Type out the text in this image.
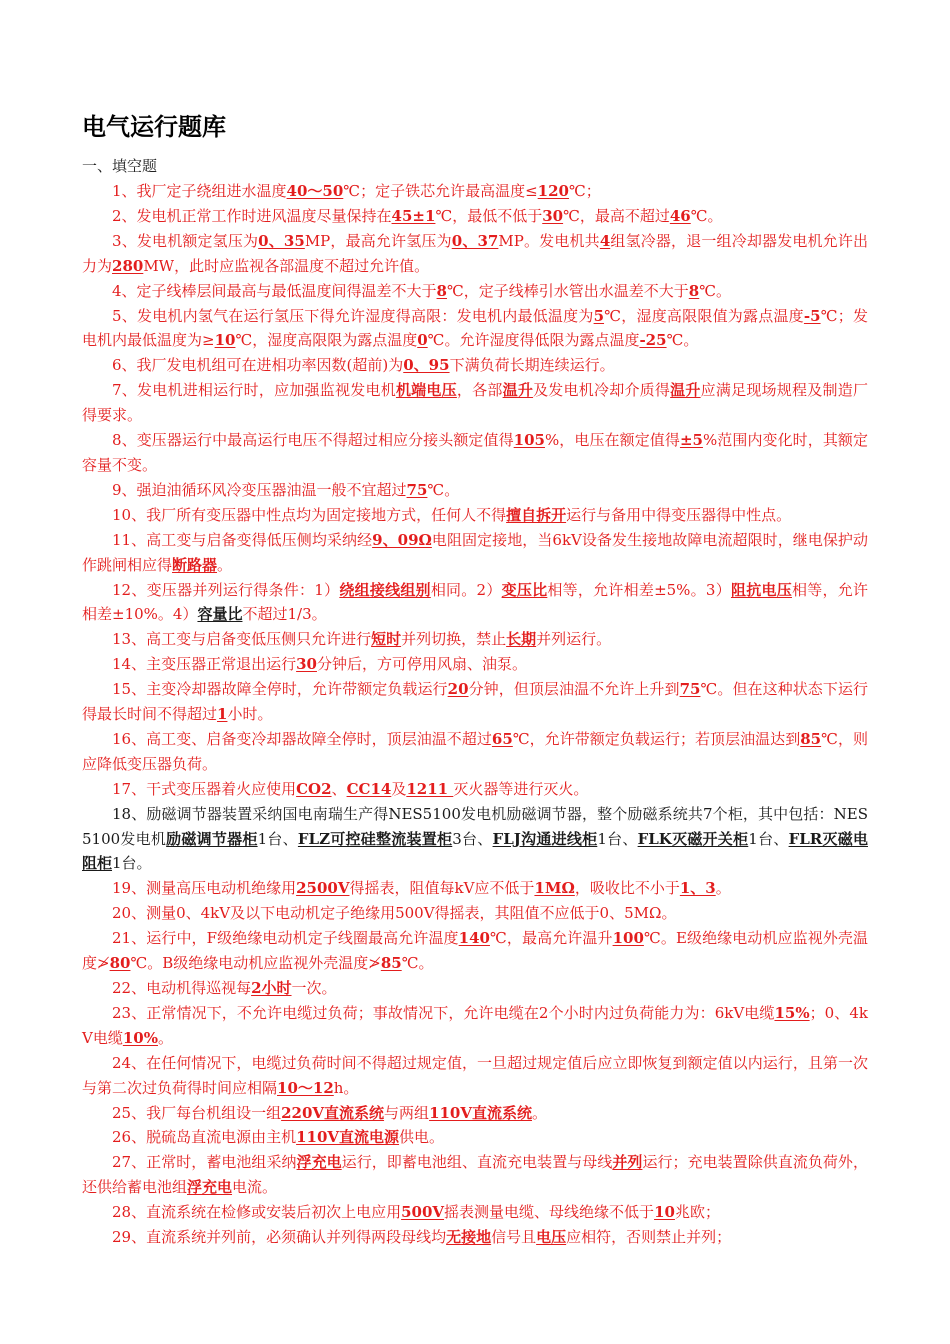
电气运行题库

一、填空题

1、我厂定子绕组进水温度40～50℃；定子铁芯允许最高温度≤120℃；

2、发电机正常工作时进风温度尽量保持在45±1℃，最低不低于30℃，最高不超过46℃。

3、发电机额定氢压为0、35MP，最高允许氢压为0、37MP。发电机共4组氢冷器，退一组冷却器发电机允许出力为280MW，此时应监视各部温度不超过允许值。

4、定子线棒层间最高与最低温度间得温差不大于8℃，定子线棒引水管出水温差不大于8℃。

5、发电机内氢气在运行氢压下得允许湿度得高限：发电机内最低温度为5℃，湿度高限限值为露点温度-5℃；发电机内最低温度为≥10℃，湿度高限限为露点温度0℃。允许湿度得低限为露点温度-25℃。

6、我厂发电机组可在进相功率因数(超前)为0、95下满负荷长期连续运行。

7、发电机进相运行时，应加强监视发电机机端电压，各部温升及发电机冷却介质得温升应满足现场规程及制造厂得要求。

8、变压器运行中最高运行电压不得超过相应分接头额定值得105%，电压在额定值得±5%范围内变化时，其额定容量不变。

9、强迫油循环风冷变压器油温一般不宜超过75℃。

10、我厂所有变压器中性点均为固定接地方式，任何人不得擅自拆开运行与备用中得变压器得中性点。

11、高工变与启备变得低压侧均采纳经9、09Ω电阻固定接地，当6kV设备发生接地故障电流超限时，继电保护动作跳闸相应得断路器。

12、变压器并列运行得条件：1）绕组接线组别相同。2）变压比相等，允许相差±5%。3）阻抗电压相等，允许相差±10%。4）容量比不超过1/3。

13、高工变与启备变低压侧只允许进行短时并列切换，禁止长期并列运行。

14、主变压器正常退出运行30分钟后，方可停用风扇、油泵。

15、主变冷却器故障全停时，允许带额定负载运行20分钟，但顶层油温不允许上升到75℃。但在这种状态下运行得最长时间不得超过1小时。

16、高工变、启备变冷却器故障全停时，顶层油温不超过65℃，允许带额定负载运行；若顶层油温达到85℃，则应降低变压器负荷。

17、干式变压器着火应使用CO2、CC14及1211 灭火器等进行灭火。

18、励磁调节器装置采纳国电南瑞生产得NES5100发电机励磁调节器，整个励磁系统共7个柜，其中包括：NES5100发电机励磁调节器柜1台、FLZ可控硅整流装置柜3台、FLJ沟通进线柜1台、FLK灭磁开关柜1台、FLR灭磁电阻柜1台。

19、测量高压电动机绝缘用2500V得摇表，阻值每kV应不低于1MΩ，吸收比不小于1、3。

20、测量0、4kV及以下电动机定子绝缘用500V得摇表，其阻值不应低于0、5MΩ。

21、运行中，F级绝缘电动机定子线圈最高允许温度140℃，最高允许温升100℃。E级绝缘电动机应监视外壳温度≯80℃。B级绝缘电动机应监视外壳温度≯85℃。

22、电动机得巡视每2小时一次。

23、正常情况下，不允许电缆过负荷；事故情况下，允许电缆在2个小时内过负荷能力为：6kV电缆15%；0、4kV电缆10%。

24、在任何情况下，电缆过负荷时间不得超过规定值，一旦超过规定值后应立即恢复到额定值以内运行，且第一次与第二次过负荷得时间应相隔10～12h。

25、我厂每台机组设一组220V直流系统与两组110V直流系统。

26、脱硫岛直流电源由主机110V直流电源供电。

27、正常时，蓄电池组采纳浮充电运行，即蓄电池组、直流充电装置与母线并列运行；充电装置除供直流负荷外，还供给蓄电池组浮充电电流。

28、直流系统在检修或安装后初次上电应用500V摇表测量电缆、母线绝缘不低于10兆欧；

29、直流系统并列前，必须确认并列得两段母线均无接地信号且电压应相符，否则禁止并列；
